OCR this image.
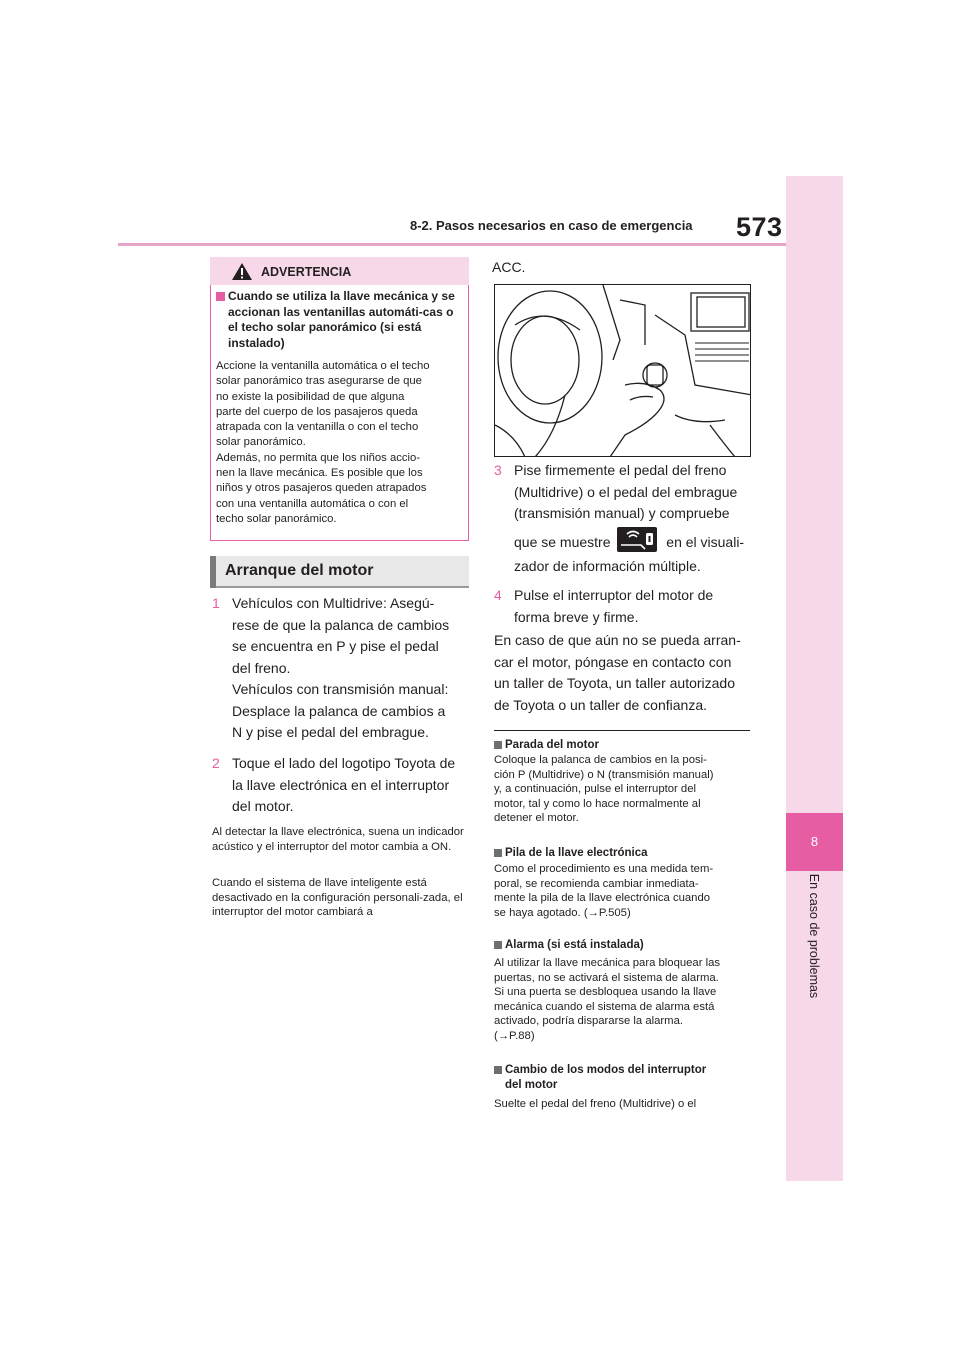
8-2. Pasos necesarios en caso de emergencia 573
8
En caso de problemas
ADVERTENCIA
Cuando se utiliza la llave mecánica y se accionan las ventanillas automáti-cas o el techo solar panorámico (si está instalado)
Accione la ventanilla automática o el techo
solar panorámico tras asegurarse de que
no existe la posibilidad de que alguna
parte del cuerpo de los pasajeros queda
atrapada con la ventanilla o con el techo
solar panorámico.
Además, no permita que los niños accio-
nen la llave mecánica. Es posible que los
niños y otros pasajeros queden atrapados
con una ventanilla automática o con el
techo solar panorámico.
Arranque del motor
1 Vehículos con Multidrive: Asegú-
rese de que la palanca de cambios
se encuentra en P y pise el pedal
del freno.
Vehículos con transmisión manual:
Desplace la palanca de cambios a
N y pise el pedal del embrague.
2 Toque el lado del logotipo Toyota de
la llave electrónica en el interruptor
del motor.
Al detectar la llave electrónica, suena un indicador acústico y el interruptor del motor cambia a ON.
Cuando el sistema de llave inteligente está desactivado en la configuración personali-zada, el interruptor del motor cambiará a
ACC.
3 Pise firmemente el pedal del freno
(Multidrive) o el pedal del embrague
(transmisión manual) y compruebe
que se muestre	en el visuali-
zador de información múltiple.
4 Pulse el interruptor del motor de
forma breve y firme.
En caso de que aún no se pueda arran-
car el motor, póngase en contacto con
un taller de Toyota, un taller autorizado
de Toyota o un taller de confianza.
Parada del motor
Coloque la palanca de cambios en la posi-
ción P (Multidrive) o N (transmisión manual)
y, a continuación, pulse el interruptor del
motor, tal y como lo hace normalmente al
detener el motor.
Pila de la llave electrónica
Como el procedimiento es una medida tem-
poral, se recomienda cambiar inmediata-
mente la pila de la llave electrónica cuando
se haya agotado. (→P.505)
Alarma (si está instalada)
Al utilizar la llave mecánica para bloquear las
puertas, no se activará el sistema de alarma.
Si una puerta se desbloquea usando la llave
mecánica cuando el sistema de alarma está
activado, podría dispararse la alarma.
(→P.88)
Cambio de los modos del interruptor
del motor
Suelte el pedal del freno (Multidrive) o el
